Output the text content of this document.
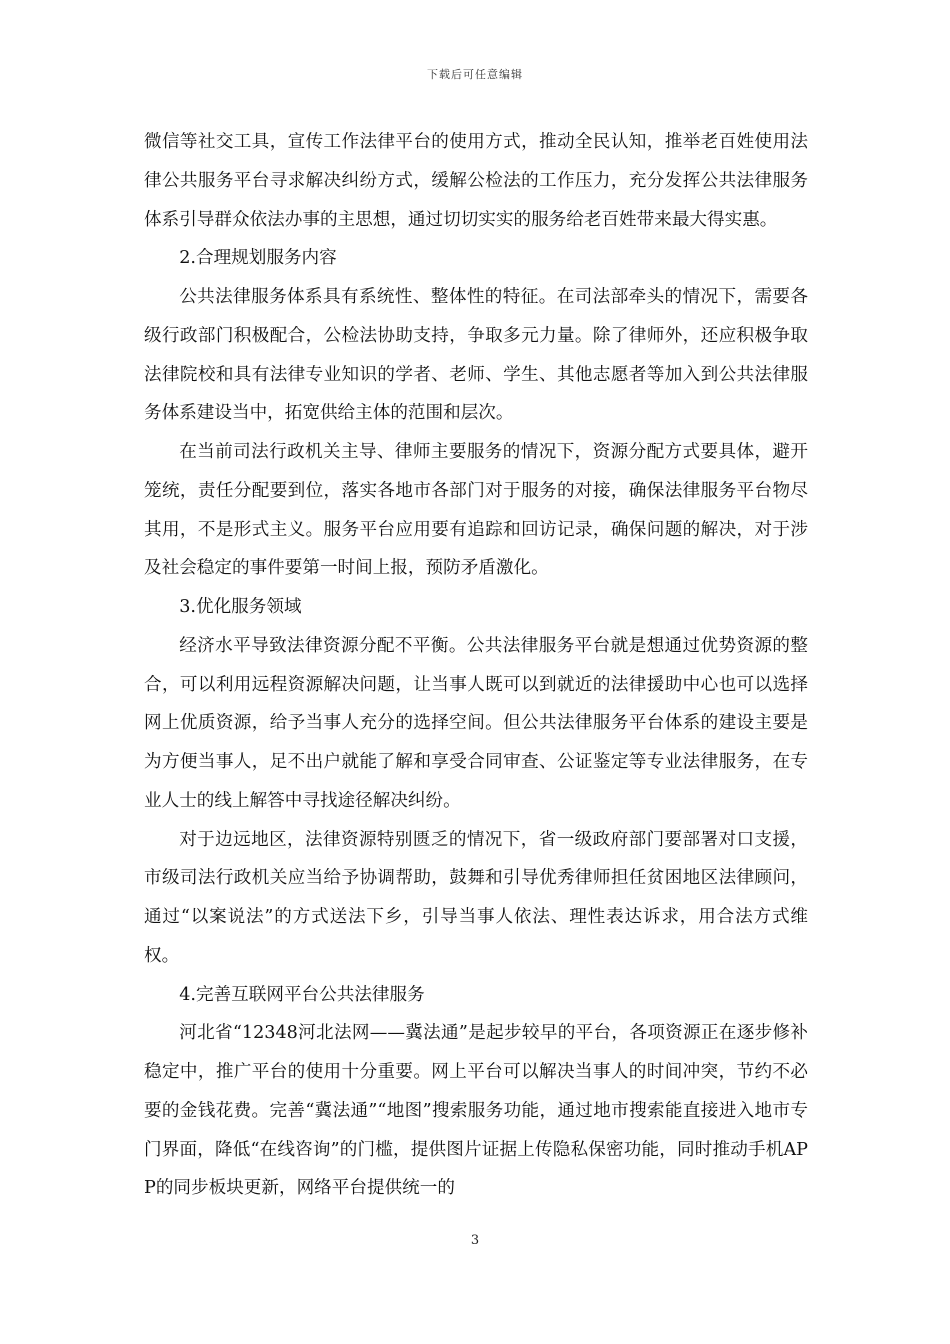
下载后可任意编辑

微信等社交工具，宣传工作法律平台的使用方式，推动全民认知，推举老百姓使用法律公共服务平台寻求解决纠纷方式，缓解公检法的工作压力，充分发挥公共法律服务体系引导群众依法办事的主思想，通过切切实实的服务给老百姓带来最大得实惠。

2.合理规划服务内容

公共法律服务体系具有系统性、整体性的特征。在司法部牵头的情况下，需要各级行政部门积极配合，公检法协助支持，争取多元力量。除了律师外，还应积极争取法律院校和具有法律专业知识的学者、老师、学生、其他志愿者等加入到公共法律服务体系建设当中，拓宽供给主体的范围和层次。

在当前司法行政机关主导、律师主要服务的情况下，资源分配方式要具体，避开笼统，责任分配要到位，落实各地市各部门对于服务的对接，确保法律服务平台物尽其用，不是形式主义。服务平台应用要有追踪和回访记录，确保问题的解决，对于涉及社会稳定的事件要第一时间上报，预防矛盾激化。

3.优化服务领域

经济水平导致法律资源分配不平衡。公共法律服务平台就是想通过优势资源的整合，可以利用远程资源解决问题，让当事人既可以到就近的法律援助中心也可以选择网上优质资源，给予当事人充分的选择空间。但公共法律服务平台体系的建设主要是为方便当事人，足不出户就能了解和享受合同审查、公证鉴定等专业法律服务，在专业人士的线上解答中寻找途径解决纠纷。

对于边远地区，法律资源特别匮乏的情况下，省一级政府部门要部署对口支援，市级司法行政机关应当给予协调帮助，鼓舞和引导优秀律师担任贫困地区法律顾问，通过“以案说法”的方式送法下乡，引导当事人依法、理性表达诉求，用合法方式维权。

4.完善互联网平台公共法律服务

河北省“12348河北法网——冀法通”是起步较早的平台，各项资源正在逐步修补稳定中，推广平台的使用十分重要。网上平台可以解决当事人的时间冲突，节约不必要的金钱花费。完善“冀法通”“地图”搜索服务功能，通过地市搜索能直接进入地市专门界面，降低“在线咨询”的门槛，提供图片证据上传隐私保密功能，同时推动手机APP的同步板块更新，网络平台提供统一的

3
